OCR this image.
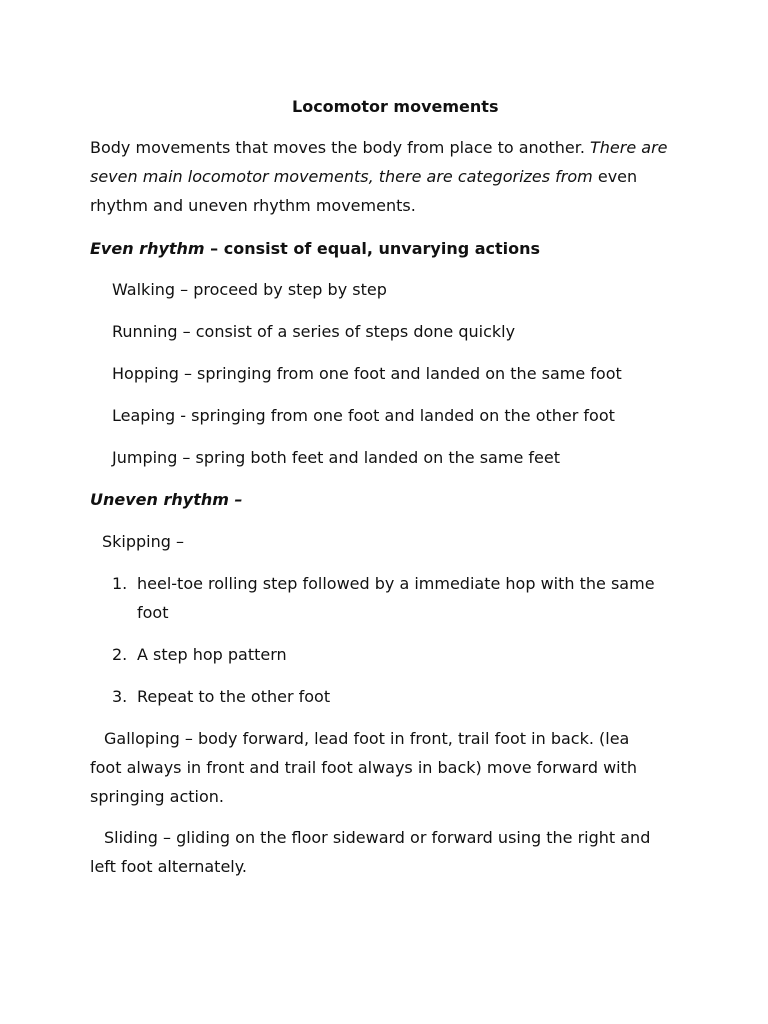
Locomotor movements
Body movements that moves the body from place to another. There are
seven main locomotor movements, there are categorizes from even
rhythm and uneven rhythm movements.
Even rhythm – consist of equal, unvarying actions
Walking – proceed by step by step
Running – consist of a series of steps done quickly
Hopping – springing from one foot and landed on the same foot
Leaping - springing from one foot and landed on the other foot
Jumping – spring both feet and landed on the same feet
Uneven rhythm –
Skipping –
1. heel-toe rolling step followed by a immediate hop with the same
foot
2. A step hop pattern
3. Repeat to the other foot
Galloping – body forward, lead foot in front, trail foot in back. (lea
foot always in front and trail foot always in back) move forward with
springing action.
Sliding – gliding on the floor sideward or forward using the right and
left foot alternately.
